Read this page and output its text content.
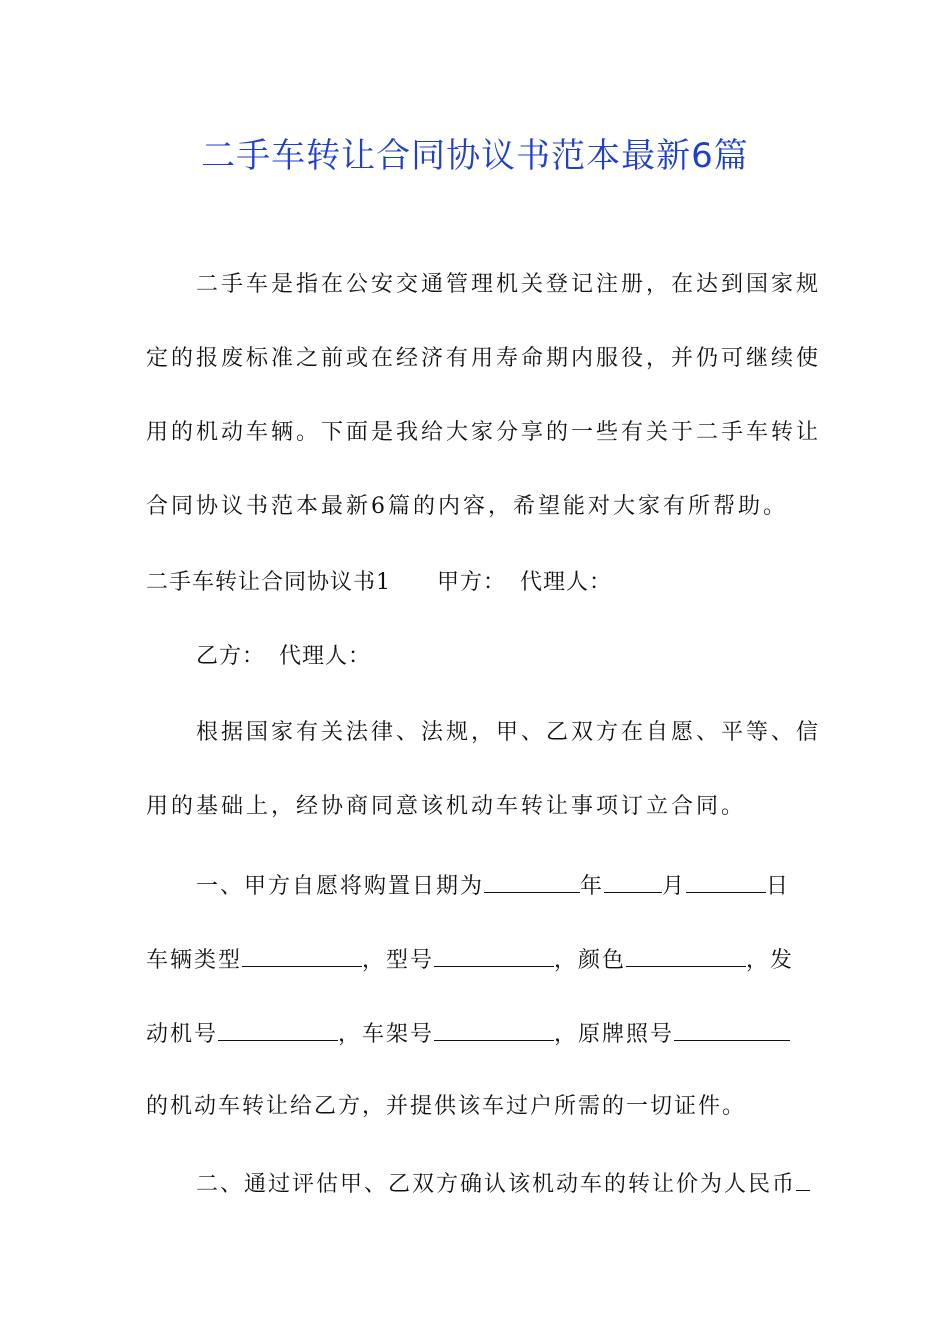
二手车转让合同协议书范本最新6篇
二手车是指在公安交通管理机关登记注册，在达到国家规
定的报废标准之前或在经济有用寿命期内服役，并仍可继续使
用的机动车辆。下面是我给大家分享的一些有关于二手车转让
合同协议书范本最新6篇的内容，希望能对大家有所帮助。
二手车转让合同协议书1 甲方： 代理人：
乙方： 代理人：
根据国家有关法律、法规，甲、乙双方在自愿、平等、信
用的基础上，经协商同意该机动车转让事项订立合同。
一、甲方自愿将购置日期为	年	月	日
车辆类型	，型号	，颜色	，发
动机号	，车架号	，原牌照号
的机动车转让给乙方，并提供该车过户所需的一切证件。
二、通过评估甲、乙双方确认该机动车的转让价为人民币
